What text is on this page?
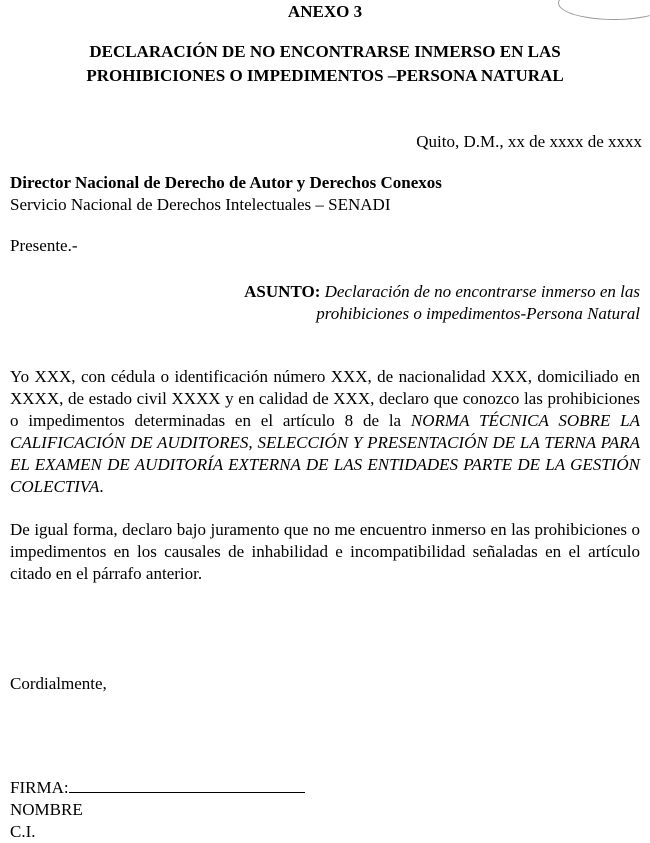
ANEXO 3
DECLARACIÓN DE NO ENCONTRARSE INMERSO EN LAS
PROHIBICIONES O IMPEDIMENTOS –PERSONA NATURAL
Quito, D.M., xx de xxxx de xxxx
Director Nacional de Derecho de Autor y Derechos Conexos
Servicio Nacional de Derechos Intelectuales – SENADI
Presente.-
ASUNTO: Declaración de no encontrarse inmerso en las prohibiciones o impedimentos-Persona Natural
Yo XXX, con cédula o identificación número XXX, de nacionalidad XXX, domiciliado en XXXX, de estado civil XXXX y en calidad de XXX, declaro que conozco las prohibiciones o impedimentos determinadas en el artículo 8 de la NORMA TÉCNICA SOBRE LA CALIFICACIÓN DE AUDITORES, SELECCIÓN Y PRESENTACIÓN DE LA TERNA PARA EL EXAMEN DE AUDITORÍA EXTERNA DE LAS ENTIDADES PARTE DE LA GESTIÓN COLECTIVA.
De igual forma, declaro bajo juramento que no me encuentro inmerso en las prohibiciones o impedimentos en los causales de inhabilidad e incompatibilidad señaladas en el artículo citado en el párrafo anterior.
Cordialmente,
FIRMA:
NOMBRE
C.I.
